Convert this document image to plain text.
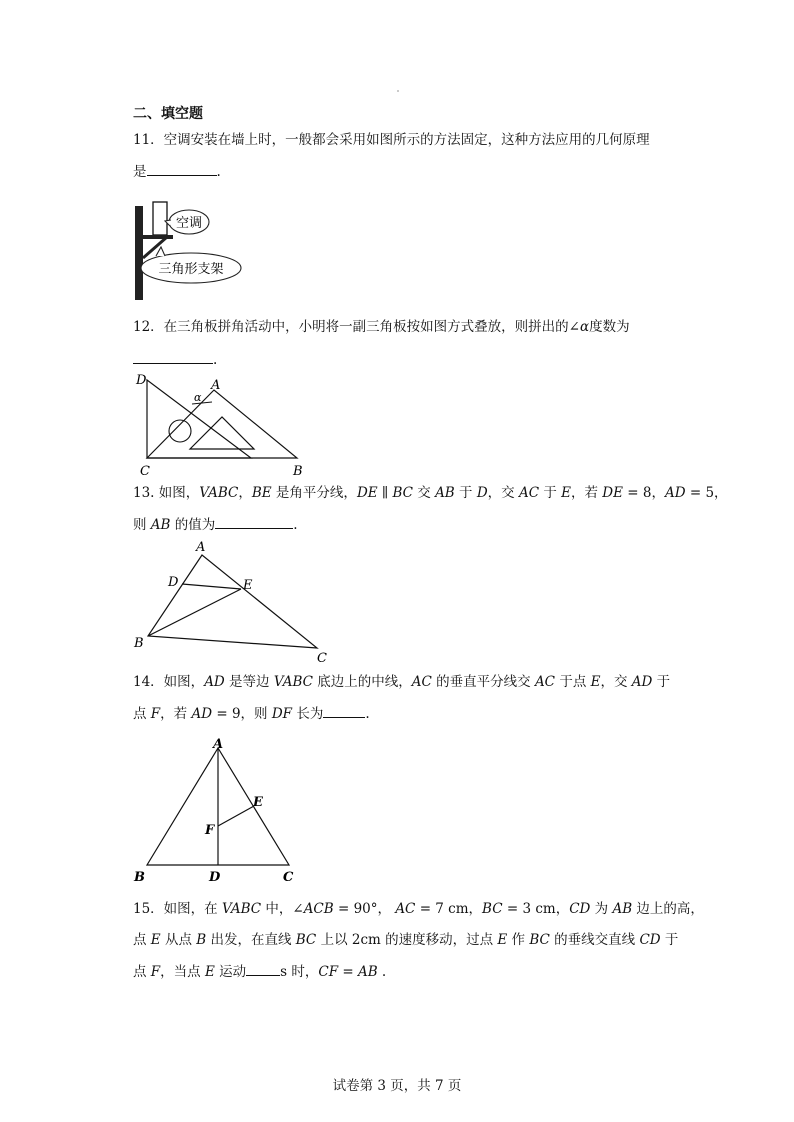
二、填空题
11．空调安装在墙上时，一般都会采用如图所示的方法固定，这种方法应用的几何原理
是	.
空调
三角形支架
12．在三角板拼角活动中，小明将一副三角板按如图方式叠放，则拼出的∠α度数为
.
D	A
α
C	B
13. 如图，VABC，BE 是角平分线，DE ∥ BC 交 AB 于 D，交 AC 于 E，若 DE = 8，AD = 5，
则 AB 的值为	.
A
D	E
B
C
14．如图，AD 是等边 VABC 底边上的中线，AC 的垂直平分线交 AC 于点 E，交 AD 于
点 F，若 AD = 9，则 DF 长为	.
A
E
F
B	D	C
15．如图，在 VABC 中，∠ACB = 90°， AC = 7 cm，BC = 3 cm，CD 为 AB 边上的高，
点 E 从点 B 出发，在直线 BC 上以 2cm 的速度移动，过点 E 作 BC 的垂线交直线 CD 于
点 F，当点 E 运动	s 时，CF = AB .
试卷第 3 页，共 7 页
